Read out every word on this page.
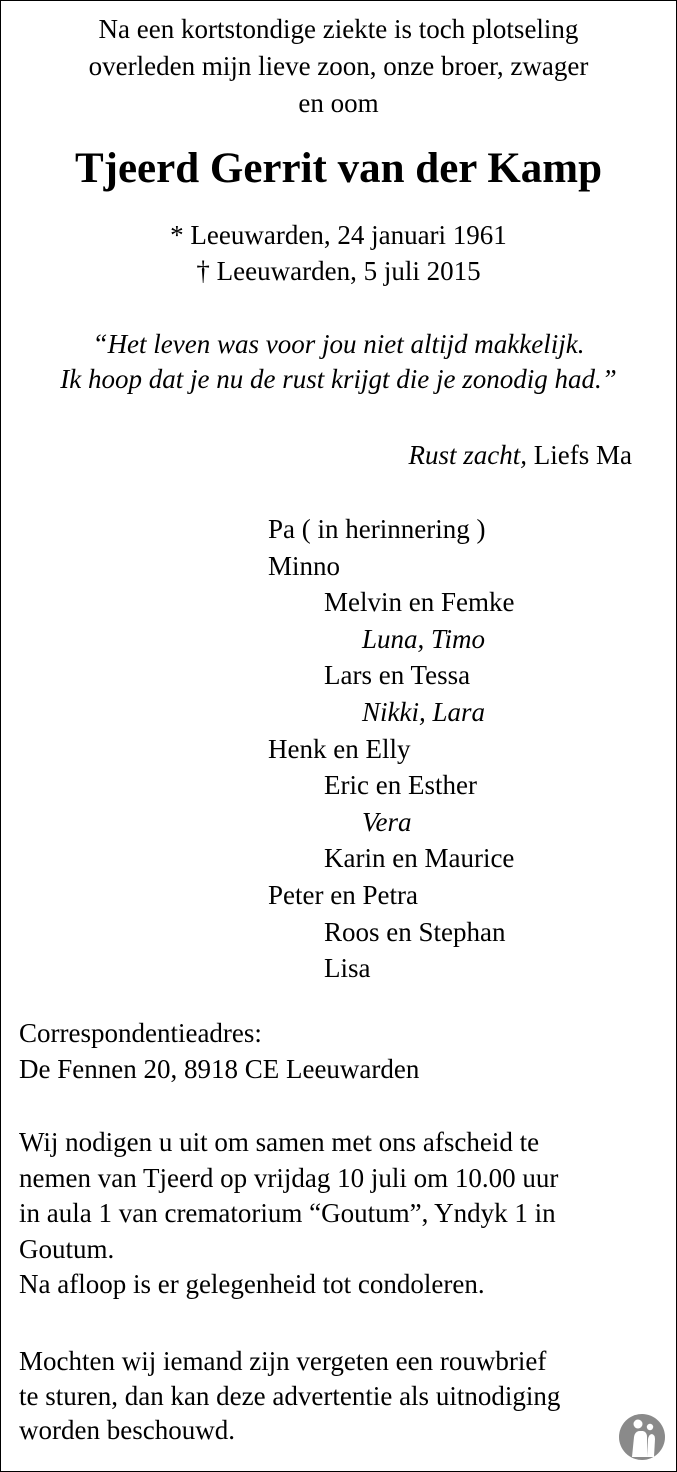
Na een kortstondige ziekte is toch plotseling
overleden mijn lieve zoon, onze broer, zwager
en oom
Tjeerd Gerrit van der Kamp
* Leeuwarden, 24 januari 1961
† Leeuwarden, 5 juli 2015
“Het leven was voor jou niet altijd makkelijk.
Ik hoop dat je nu de rust krijgt die je zonodig had.”
Rust zacht, Liefs Ma
Pa ( in herinnering )
Minno
Melvin en Femke
Luna, Timo
Lars en Tessa
Nikki, Lara
Henk en Elly
Eric en Esther
Vera
Karin en Maurice
Peter en Petra
Roos en Stephan
Lisa
Correspondentieadres:
De Fennen 20, 8918 CE Leeuwarden
Wij nodigen u uit om samen met ons afscheid te
nemen van Tjeerd op vrijdag 10 juli om 10.00 uur
in aula 1 van crematorium “Goutum”, Yndyk 1 in
Goutum.
Na afloop is er gelegenheid tot condoleren.
Mochten wij iemand zijn vergeten een rouwbrief
te sturen, dan kan deze advertentie als uitnodiging
worden beschouwd.
